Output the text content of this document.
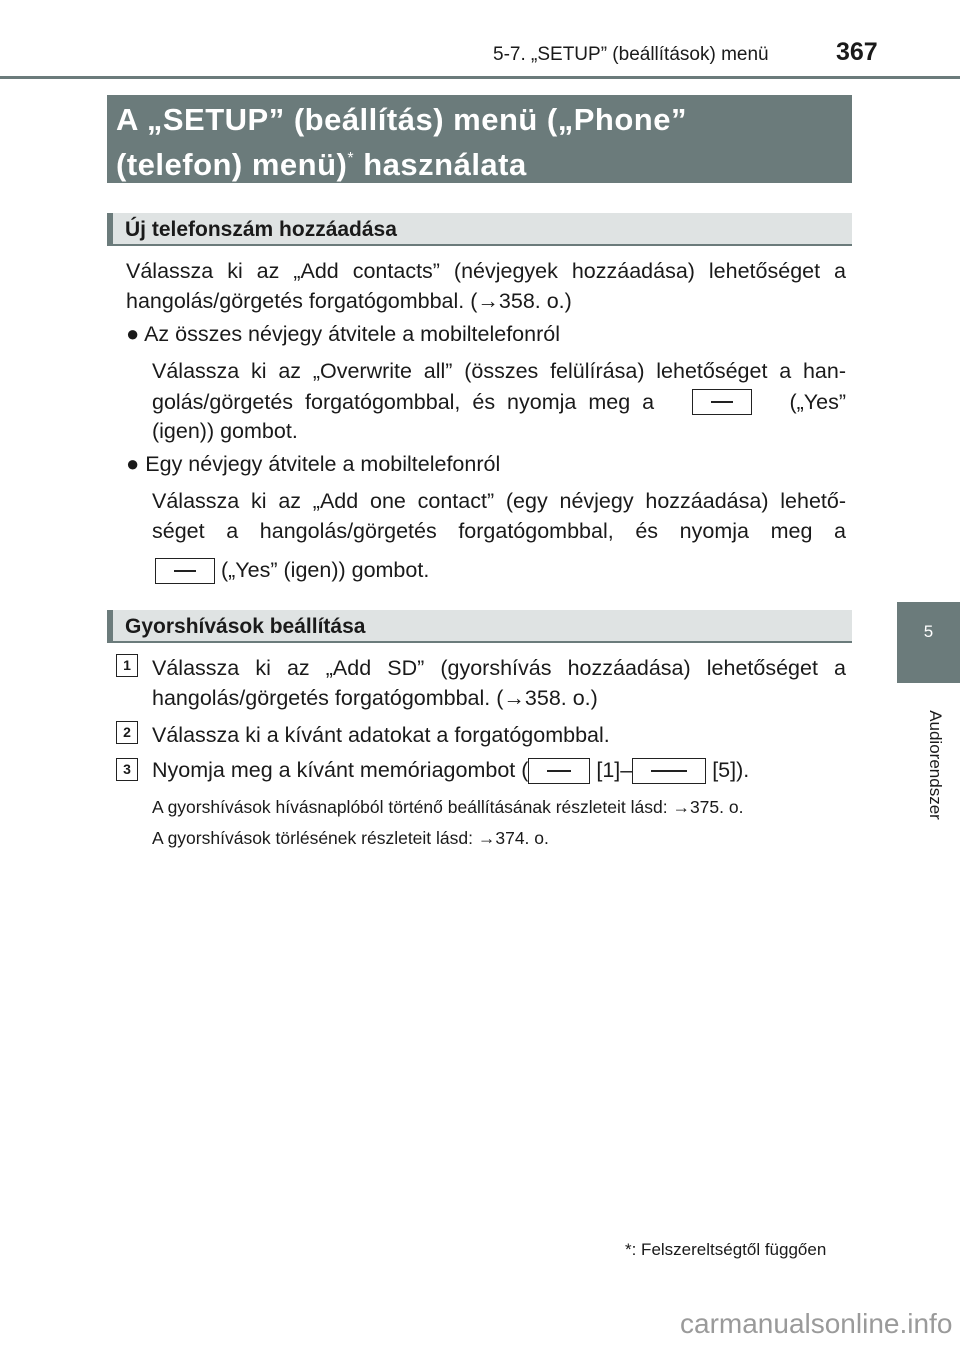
5-7. „SETUP” (beállítások) menü	367
A „SETUP” (beállítás) menü („Phone”
(telefon) menü)* használata
Új telefonszám hozzáadása
Válassza ki az „Add contacts” (névjegyek hozzáadása) lehetőséget a
hangolás/görgetés forgatógombbal. (→358. o.)
● Az összes névjegy átvitele a mobiltelefonról
Válassza ki az „Overwrite all” (összes felülírása) lehetőséget a han-
golás/görgetés forgatógombbal, és nyomja meg a	(„Yes”
(igen)) gombot.
● Egy névjegy átvitele a mobiltelefonról
Válassza ki az „Add one contact” (egy névjegy hozzáadása) lehető-
séget a hangolás/görgetés forgatógombbal, és nyomja meg a
(„Yes” (igen)) gombot.
Gyorshívások beállítása
1 Válassza ki az „Add SD” (gyorshívás hozzáadása) lehetőséget a
hangolás/görgetés forgatógombbal. (→358. o.)
2 Válassza ki a kívánt adatokat a forgatógombbal.
3 Nyomja meg a kívánt memóriagombot (	[1]–	[5]).
A gyorshívások hívásnaplóból történő beállításának részleteit lásd: →375. o.
A gyorshívások törlésének részleteit lásd: →374. o.
*: Felszereltségtől függően
5
Audiorendszer
carmanualsonline.info
